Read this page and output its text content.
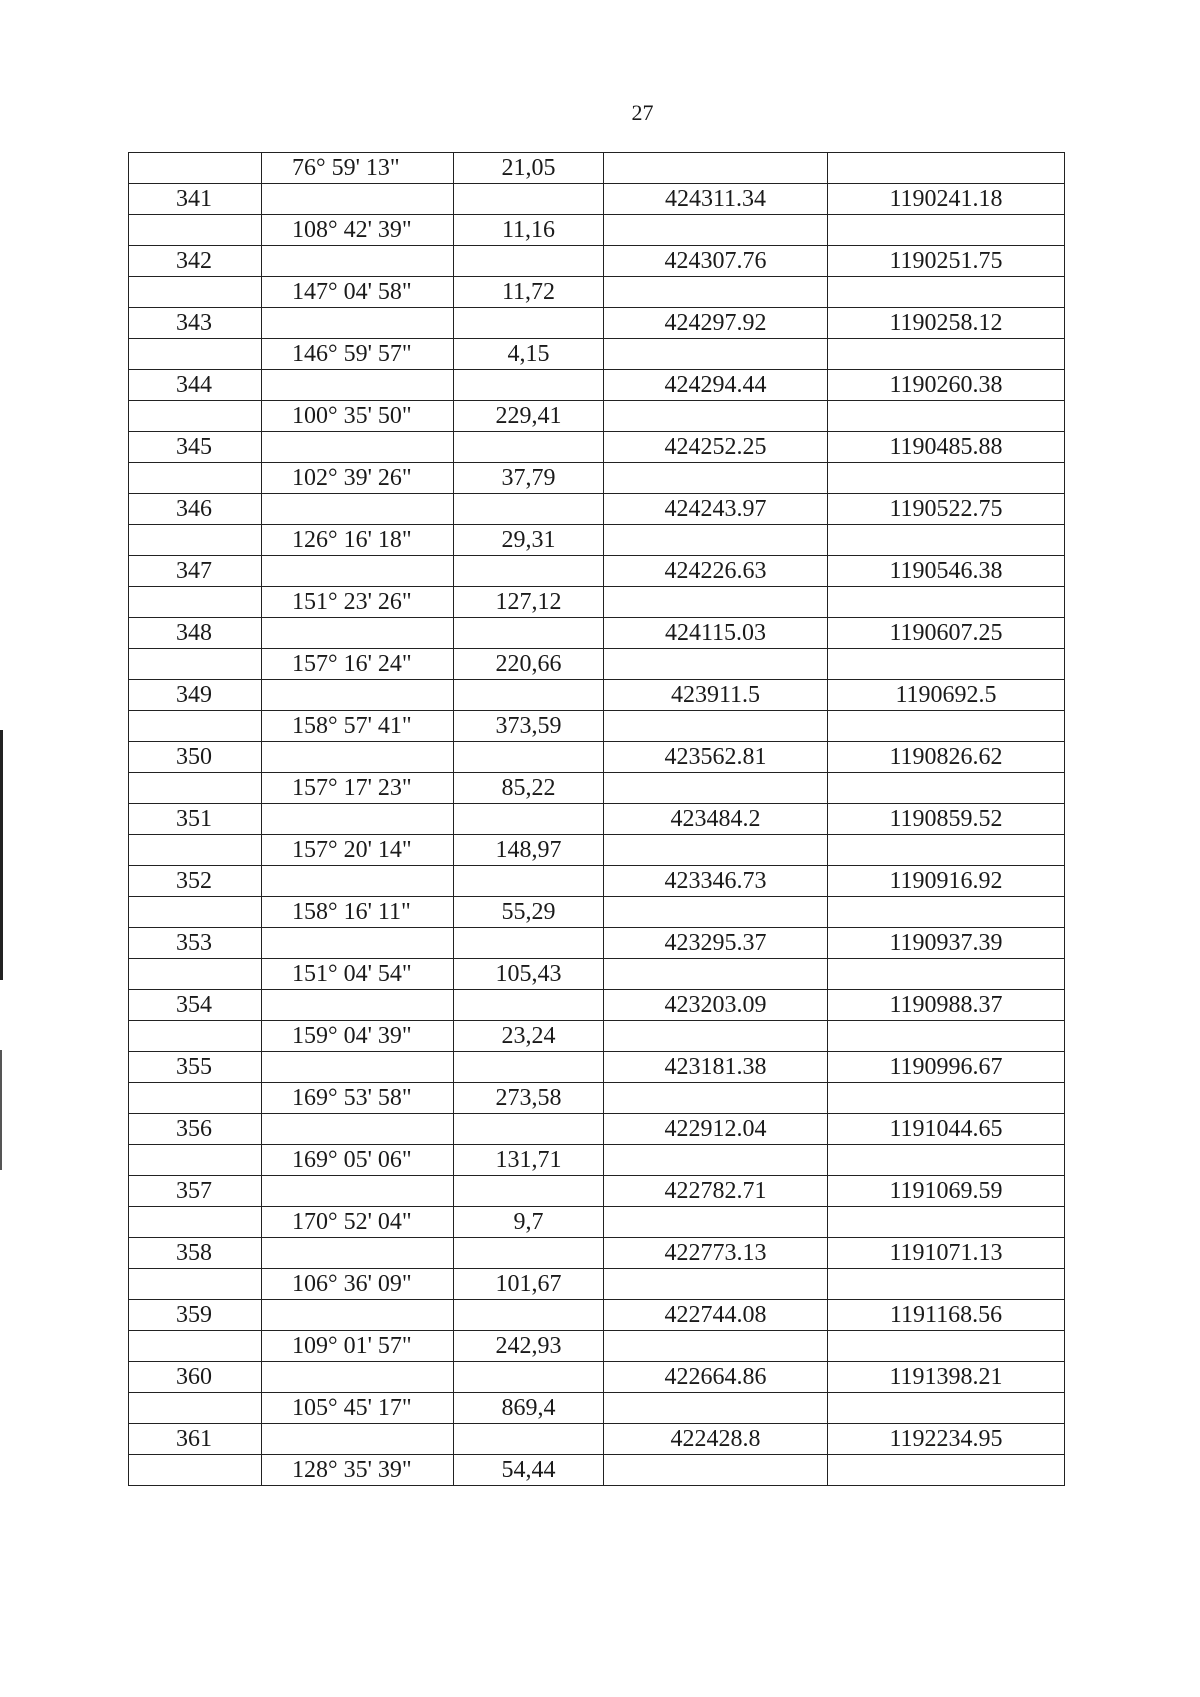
27
	76° 59' 13"	21,05		
341			424311.34	1190241.18
	108° 42' 39"	11,16		
342			424307.76	1190251.75
	147° 04' 58"	11,72		
343			424297.92	1190258.12
	146° 59' 57"	4,15		
344			424294.44	1190260.38
	100° 35' 50"	229,41		
345			424252.25	1190485.88
	102° 39' 26"	37,79		
346			424243.97	1190522.75
	126° 16' 18"	29,31		
347			424226.63	1190546.38
	151° 23' 26"	127,12		
348			424115.03	1190607.25
	157° 16' 24"	220,66		
349			423911.5	1190692.5
	158° 57' 41"	373,59		
350			423562.81	1190826.62
	157° 17' 23"	85,22		
351			423484.2	1190859.52
	157° 20' 14"	148,97		
352			423346.73	1190916.92
	158° 16' 11"	55,29		
353			423295.37	1190937.39
	151° 04' 54"	105,43		
354			423203.09	1190988.37
	159° 04' 39"	23,24		
355			423181.38	1190996.67
	169° 53' 58"	273,58		
356			422912.04	1191044.65
	169° 05' 06"	131,71		
357			422782.71	1191069.59
	170° 52' 04"	9,7		
358			422773.13	1191071.13
	106° 36' 09"	101,67		
359			422744.08	1191168.56
	109° 01' 57"	242,93		
360			422664.86	1191398.21
	105° 45' 17"	869,4		
361			422428.8	1192234.95
	128° 35' 39"	54,44		
